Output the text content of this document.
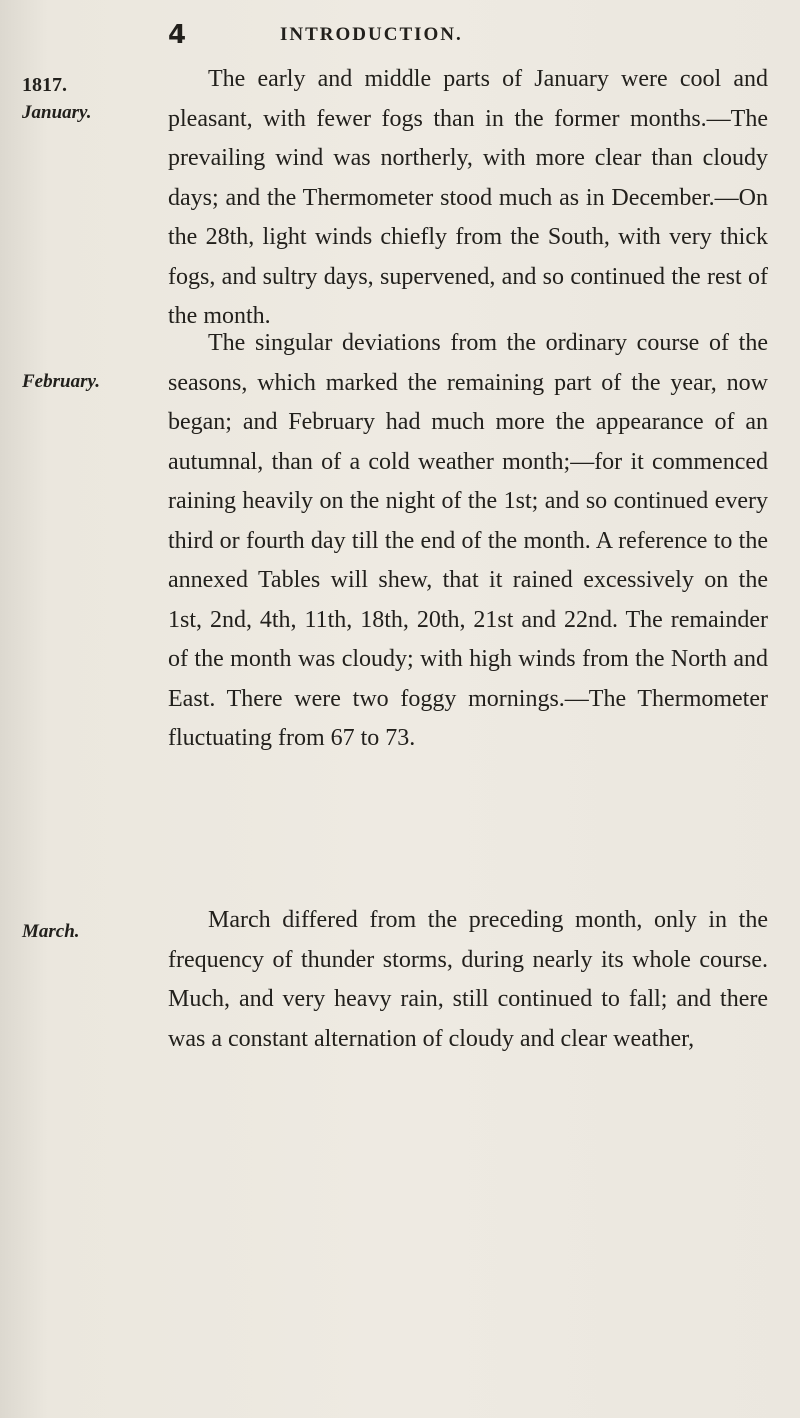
4	INTRODUCTION.
1817.
January.
February.
March.

The early and middle parts of January were cool and pleasant, with fewer fogs than in the former months.—The prevailing wind was northerly, with more clear than cloudy days; and the Thermometer stood much as in December.—On the 28th, light winds chiefly from the South, with very thick fogs, and sultry days, supervened, and so continued the rest of the month.

The singular deviations from the ordinary course of the seasons, which marked the remaining part of the year, now began; and February had much more the appearance of an autumnal, than of a cold weather month;—for it commenced raining heavily on the night of the 1st; and so continued every third or fourth day till the end of the month. A reference to the annexed Tables will shew, that it rained excessively on the 1st, 2nd, 4th, 11th, 18th, 20th, 21st and 22nd. The remainder of the month was cloudy; with high winds from the North and East. There were two foggy mornings.—The Thermometer fluctuating from 67 to 73.

March differed from the preceding month, only in the frequency of thunder storms, during nearly its whole course. Much, and very heavy rain, still continued to fall; and there was a constant alternation of cloudy and clear weather,
